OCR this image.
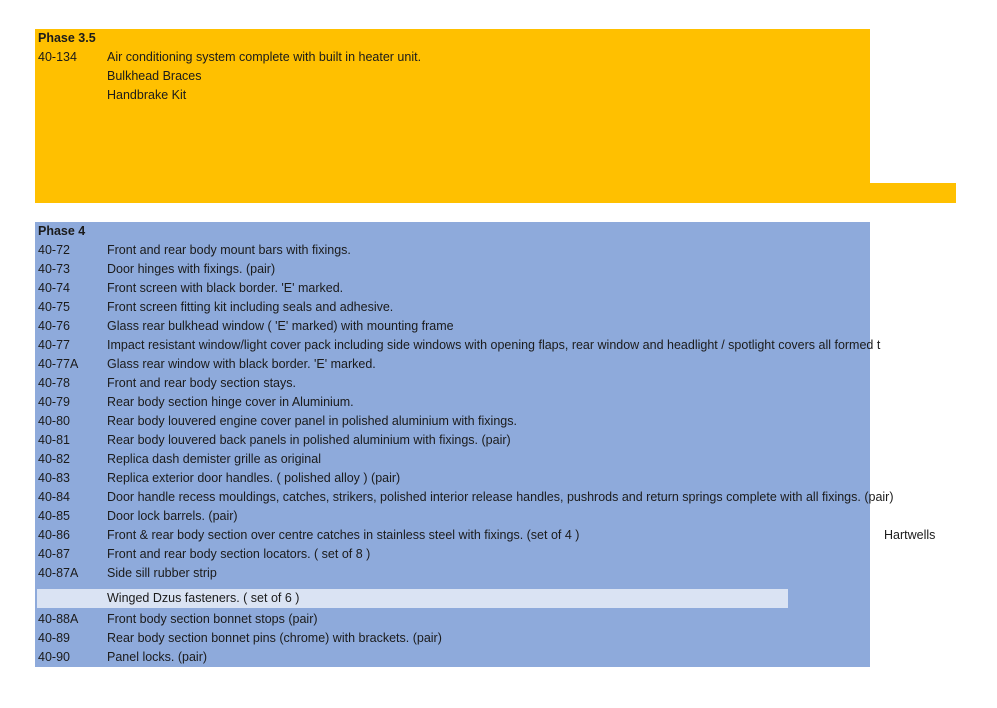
Phase 3.5
40-134 Air conditioning system complete with built in heater unit.
Bulkhead Braces
Handbrake Kit
Phase 4
40-72	Front and rear body mount bars with fixings.
40-73	Door hinges with fixings. (pair)
40-74	Front screen with black border. 'E' marked.
40-75	Front screen fitting kit including seals and adhesive.
40-76	Glass rear bulkhead window ( 'E' marked) with mounting frame
40-77	Impact resistant window/light cover pack including side windows with opening flaps, rear window and headlight / spotlight covers all formed t
40-77A Glass rear window with black border. 'E' marked.
40-78	Front and rear body section stays.
40-79	Rear body section hinge cover in Aluminium.
40-80	Rear body louvered engine cover panel in polished aluminium with fixings.
40-81	Rear body louvered back panels in polished aluminium with fixings. (pair)
40-82	Replica dash demister grille as original
40-83	Replica exterior door handles. ( polished alloy ) (pair)
40-84	Door handle recess mouldings, catches, strikers, polished interior release handles, pushrods and return springs complete with all fixings. (pair)
40-85	Door lock barrels. (pair)
40-86	Front & rear body section over centre catches in stainless steel with fixings. (set of 4 )	Hartwells
40-87	Front and rear body section locators. ( set of 8 )
40-87A Side sill rubber strip
Winged Dzus fasteners. ( set of 6 )
40-88A Front body section bonnet stops (pair)
40-89	Rear body section bonnet pins (chrome) with brackets. (pair)
40-90	Panel locks. (pair)
